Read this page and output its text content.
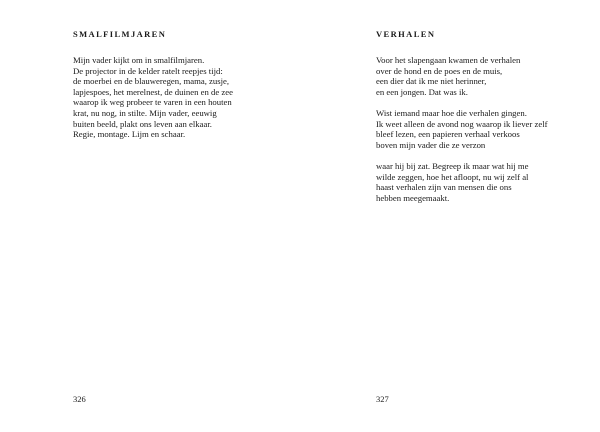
SMALFILMJAREN

Mijn vader kijkt om in smalfilmjaren.
De projector in de kelder ratelt reepjes tijd:
de moerbei en de blauweregen, mama, zusje,
lapjespoes, het merelnest, de duinen en de zee
waarop ik weg probeer te varen in een houten
krat, nu nog, in stilte. Mijn vader, eeuwig
buiten beeld, plakt ons leven aan elkaar.
Regie, montage. Lijm en schaar.

326

VERHALEN

Voor het slapengaan kwamen de verhalen
over de hond en de poes en de muis,
een dier dat ik me niet herinner,
en een jongen. Dat was ik.

Wist iemand maar hoe die verhalen gingen.
Ik weet alleen de avond nog waarop ik liever zelf
bleef lezen, een papieren verhaal verkoos
boven mijn vader die ze verzon

waar hij bij zat. Begreep ik maar wat hij me
wilde zeggen, hoe het afloopt, nu wij zelf al
haast verhalen zijn van mensen die ons
hebben meegemaakt.

327
